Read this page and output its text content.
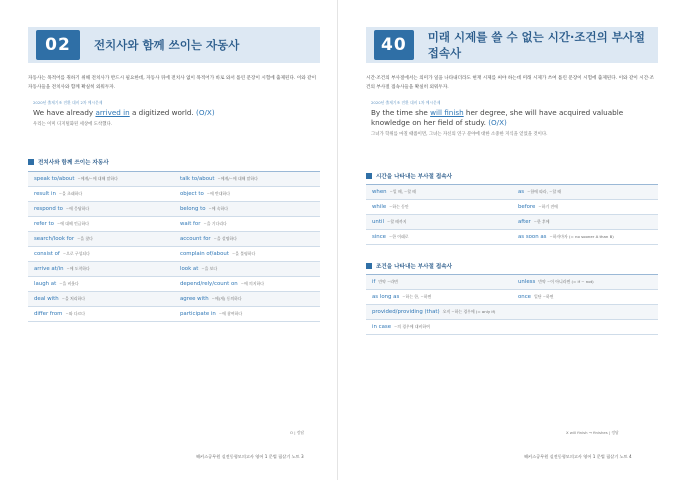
02	전치사와 함께 쓰이는 자동사
자동사는 목적어를 취하기 위해 전치사가 반드시 필요한데, 자동사 뒤에 전치사 없이 목적어가 바로 와서 틀린 문장이 시험에 출제된다. 이와 같이 자동사들을 전치사와 함께 확실히 외워두자.
2020년 출제기조 전환 대비 2차 예시문제
We have already arrived in a digitized world. (O/X)
우리는 이미 디지털화된 세상에 도착했다.
전치사와 함께 쓰이는 자동사
speak to/about ~에게/~에 대해 말하다	talk to/about ~에게/~에 대해 말하다
result in ~을 초래하다	object to ~에 반대하다
respond to ~에 응답하다	belong to ~에 속하다
refer to ~에 대해 언급하다	wait for ~을 기다리다
search/look for ~을 찾다	account for ~을 설명하다
consist of ~으로 구성되다	complain of/about ~을 불평하다
arrive at/in ~에 도착하다	look at ~을 보다
laugh at ~을 비웃다	depend/rely/count on ~에 의지하다
deal with ~을 처리하다	agree with ~에(게) 동의하다
differ from ~와 다르다	participate in ~에 참여하다
O | 정답
해커스공무원 실전동형모의고사 영어 1 문법 필살기 노트 3
40	미래 시제를 쓸 수 없는 시간·조건의 부사절 접속사
시간·조건의 부사절에서는 의미가 일을 나타내더라도 현재 시제를 써야 하는데 미래 시제가 쓰여 틀린 문장이 시험에 출제된다. 이와 같이 시간·조건의 부사절 접속사들을 확실히 외워두자.
2020년 출제기조 전환 대비 1차 예시문제
By the time she will finish her degree, she will have acquired valuable knowledge on her field of study. (O/X)
그녀가 학위를 마칠 때쯤이면, 그녀는 자신의 연구 분야에 대한 소중한 지식을 얻었을 것이다.
시간을 나타내는 부사절 접속사
when ~일 때, ~할 때	as ~함에 따라, ~할 때
while ~하는 동안	before ~하기 전에
until ~할 때까지	after ~한 후에
since ~한 이래로	as soon as ~하자마자 (= no sooner A than B)
조건을 나타내는 부사절 접속사
if 만약 ~라면	unless 만약 ~이 아니라면 (= if ~ not)
as long as ~하는 한, ~하면	once 일단 ~하면
provided/providing (that) 오직 ~하는 경우에 (= only if)
in case ~의 경우에 대비하여
X will finish → finishes | 정답
해커스공무원 실전동형모의고사 영어 1 문법 필살기 노트 4
